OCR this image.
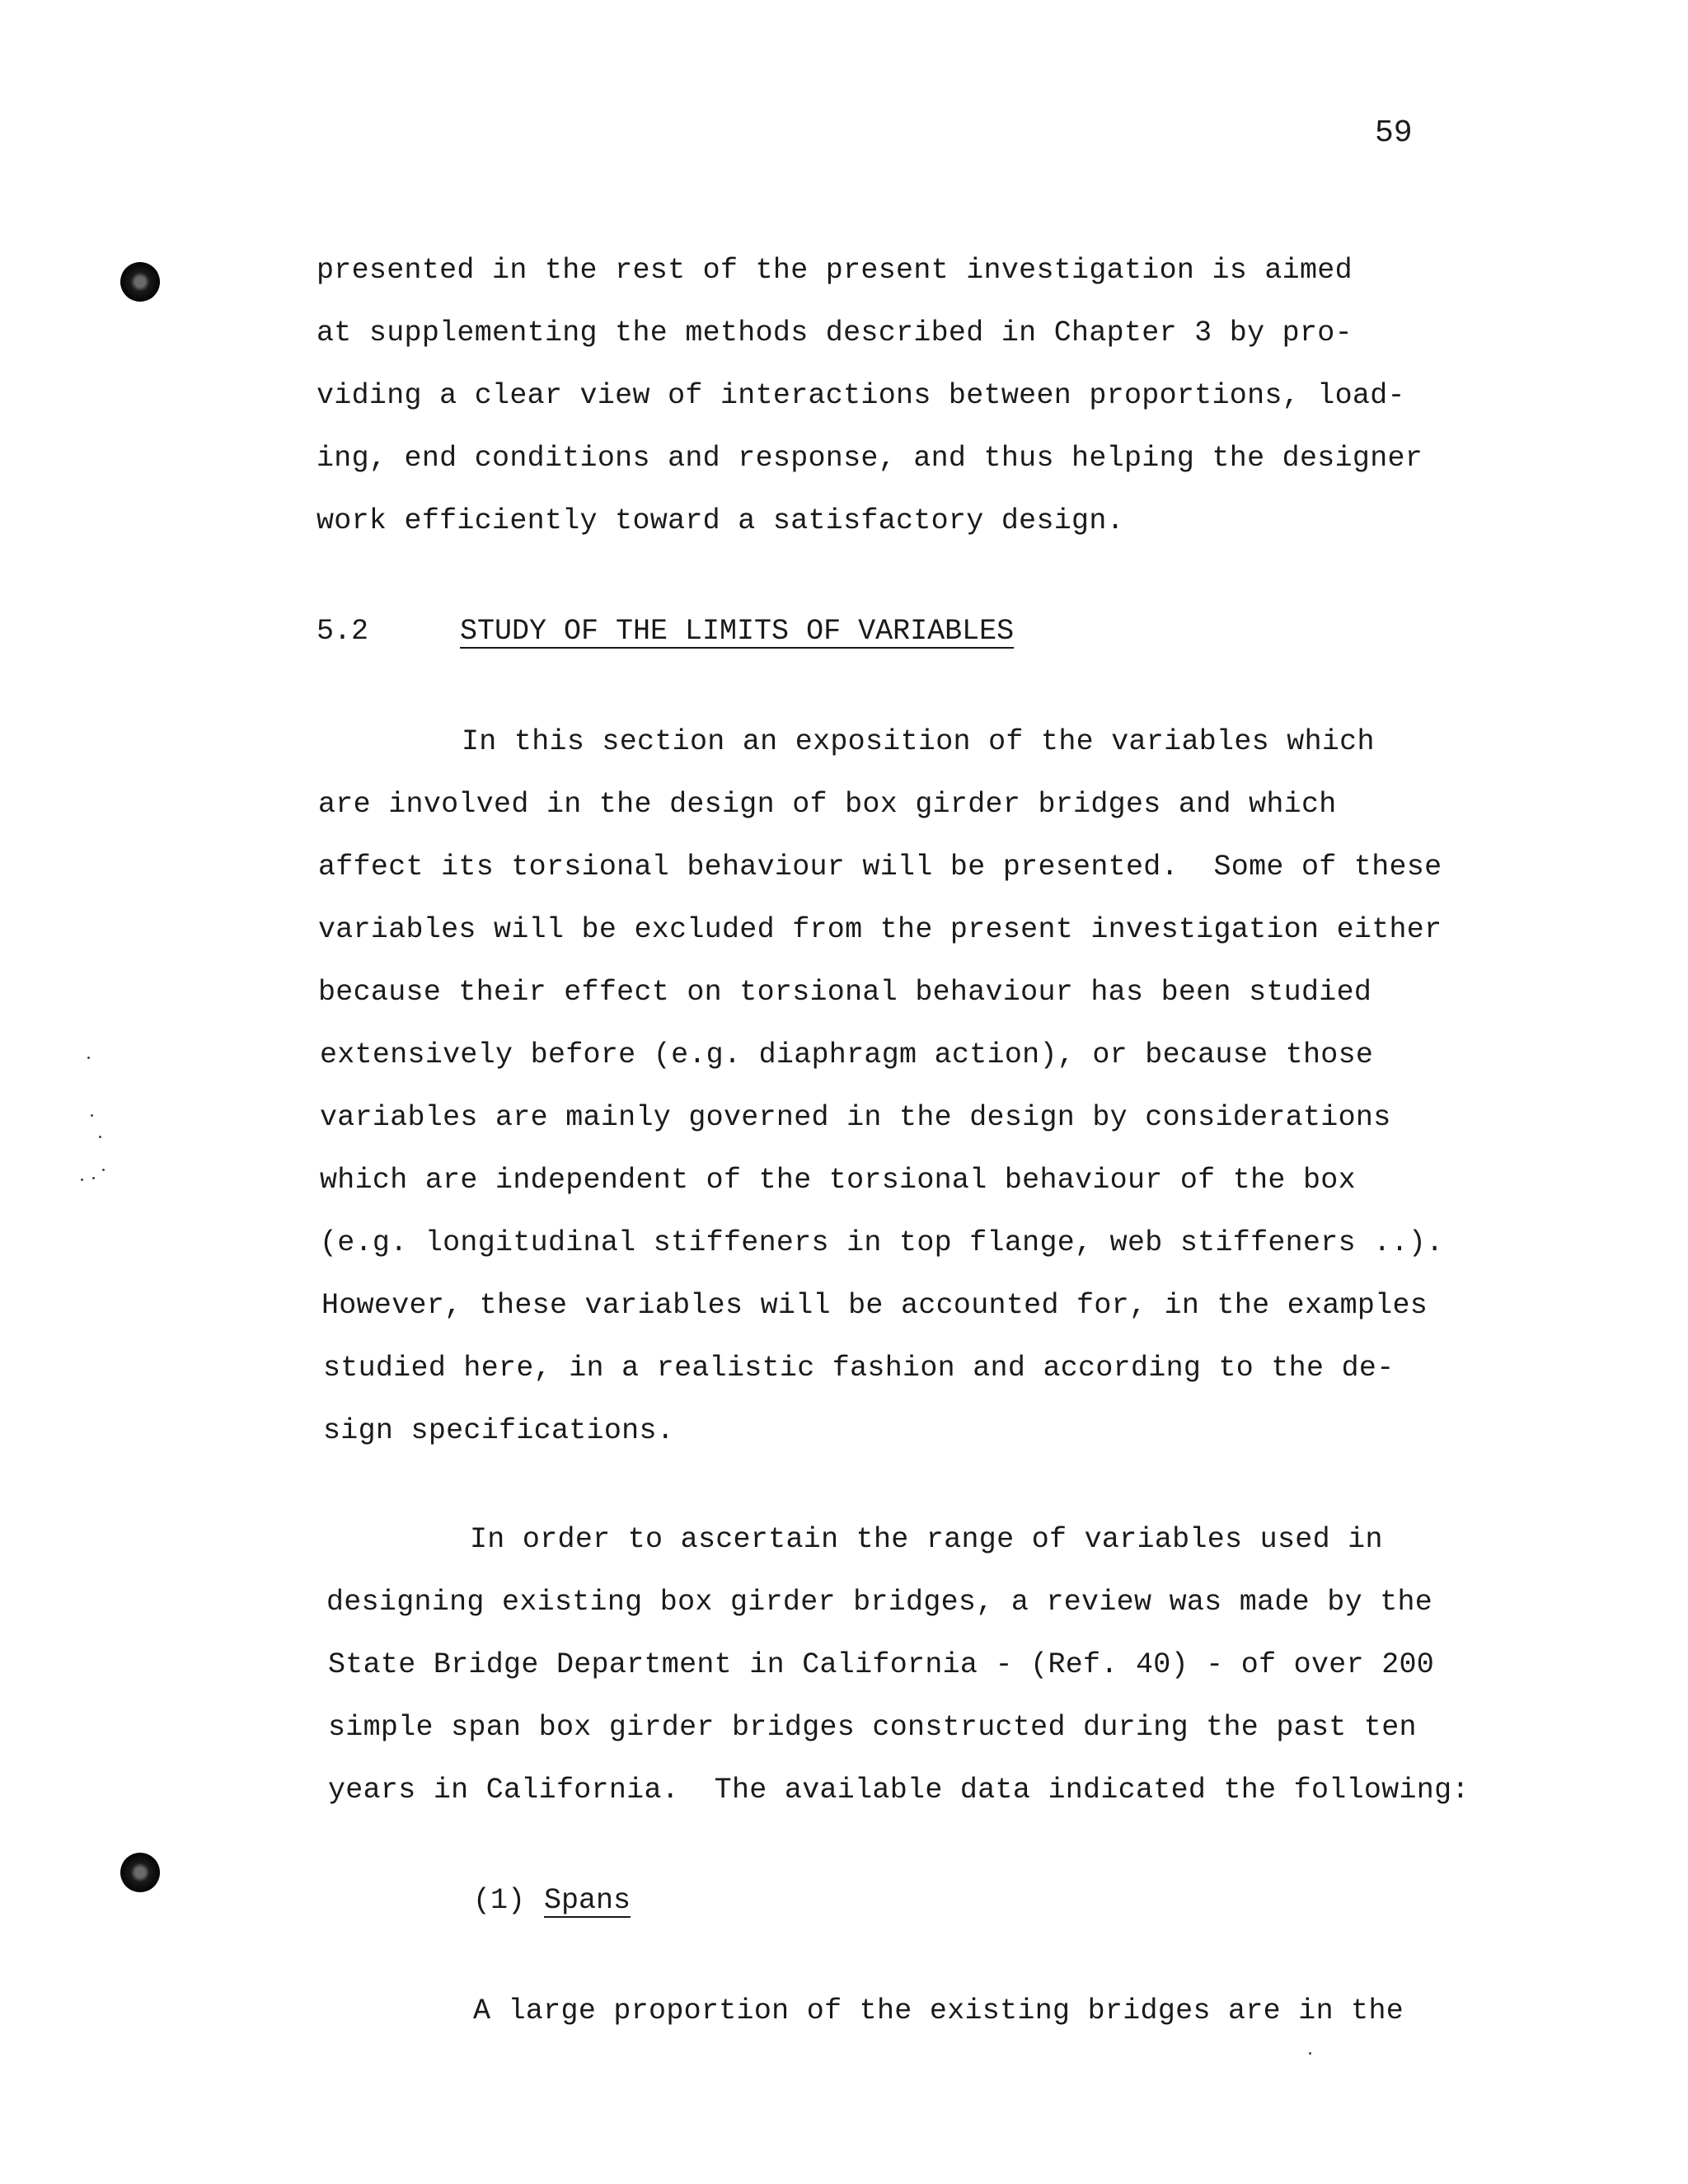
59
presented in the rest of the present investigation is aimed
at supplementing the methods described in Chapter 3 by pro-
viding a clear view of interactions between proportions, load-
ing, end conditions and response, and thus helping the designer
work efficiently toward a satisfactory design.
5.2	STUDY OF THE LIMITS OF VARIABLES
In this section an exposition of the variables which
are involved in the design of box girder bridges and which
affect its torsional behaviour will be presented.  Some of these
variables will be excluded from the present investigation either
because their effect on torsional behaviour has been studied
extensively before (e.g. diaphragm action), or because those
variables are mainly governed in the design by considerations
which are independent of the torsional behaviour of the box
(e.g. longitudinal stiffeners in top flange, web stiffeners ..).
However, these variables will be accounted for, in the examples
studied here, in a realistic fashion and according to the de-
sign specifications.
In order to ascertain the range of variables used in
designing existing box girder bridges, a review was made by the
State Bridge Department in California - (Ref. 40) - of over 200
simple span box girder bridges constructed during the past ten
years in California.  The available data indicated the following:
(1) Spans
A large proportion of the existing bridges are in the
